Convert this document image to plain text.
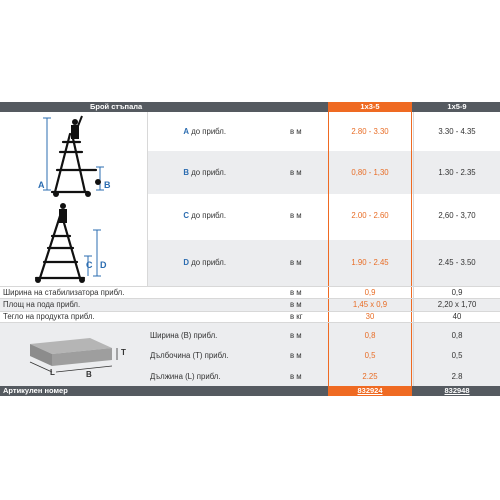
Брой стъпала	1x3-5	1x5-9
A до прибл.	в м	2.80 - 3.30	3.30 - 4.35
B до прибл.	в м	0,80 - 1,30	1.30 - 2.35
C до прибл.	в м	2.00 - 2.60	2,60 - 3,70
D до прибл.	в м	1.90 - 2.45	2.45 - 3.50
Ширина на стабилизатора прибл.	в м	0,9	0,9
Площ на пода прибл.	в м	1,45 x 0,9	2,20 x 1,70
Тегло на продукта прибл.	в кг	30	40
Ширина (B) прибл.	в м	0,8	0,8
Дълбочина (Т) прибл.	в м	0,5	0,5
Дължина (L) прибл.	в м	2.25	2.8
Артикулен номер	832924	832948
A	B
C D
T
L	B
